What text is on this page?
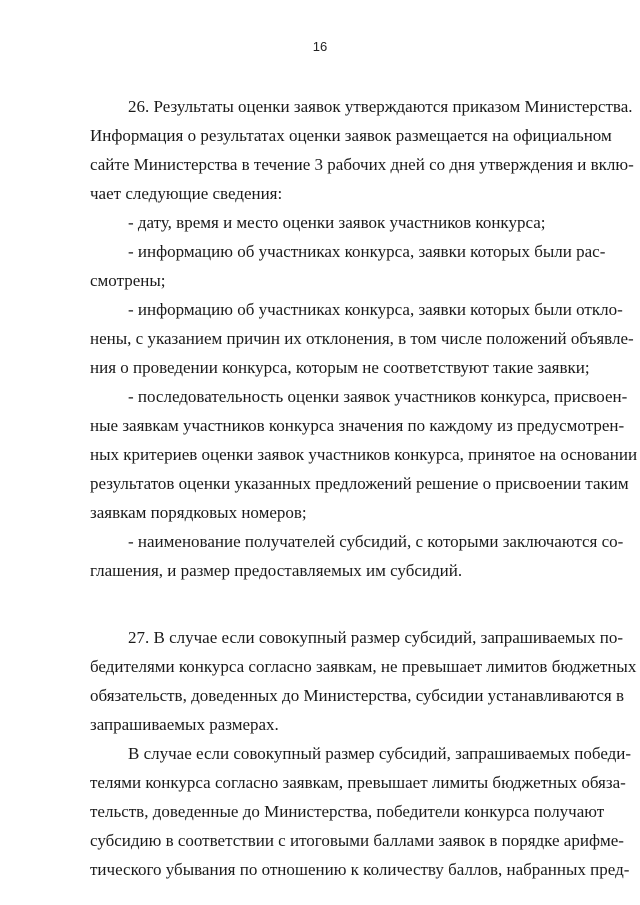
16
26. Результаты оценки заявок утверждаются приказом Министерства.
Информация о результатах оценки заявок размещается на официальном
сайте Министерства в течение 3 рабочих дней со дня утверждения и вклю-
чает следующие сведения:
- дату, время и место оценки заявок участников конкурса;
- информацию об участниках конкурса, заявки которых были рас-
смотрены;
- информацию об участниках конкурса, заявки которых были откло-
нены, с указанием причин их отклонения, в том числе положений объявле-
ния о проведении конкурса, которым не соответствуют такие заявки;
- последовательность оценки заявок участников конкурса, присвоен-
ные заявкам участников конкурса значения по каждому из предусмотрен-
ных критериев оценки заявок участников конкурса, принятое на основании
результатов оценки указанных предложений решение о присвоении таким
заявкам порядковых номеров;
- наименование получателей субсидий, с которыми заключаются со-
глашения, и размер предоставляемых им субсидий.
27. В случае если совокупный размер субсидий, запрашиваемых по-
бедителями конкурса согласно заявкам, не превышает лимитов бюджетных
обязательств, доведенных до Министерства, субсидии устанавливаются в
запрашиваемых размерах.
В случае если совокупный размер субсидий, запрашиваемых победи-
телями конкурса согласно заявкам, превышает лимиты бюджетных обяза-
тельств, доведенные до Министерства, победители конкурса получают
субсидию в соответствии с итоговыми баллами заявок в порядке арифме-
тического убывания по отношению к количеству баллов, набранных пред-
